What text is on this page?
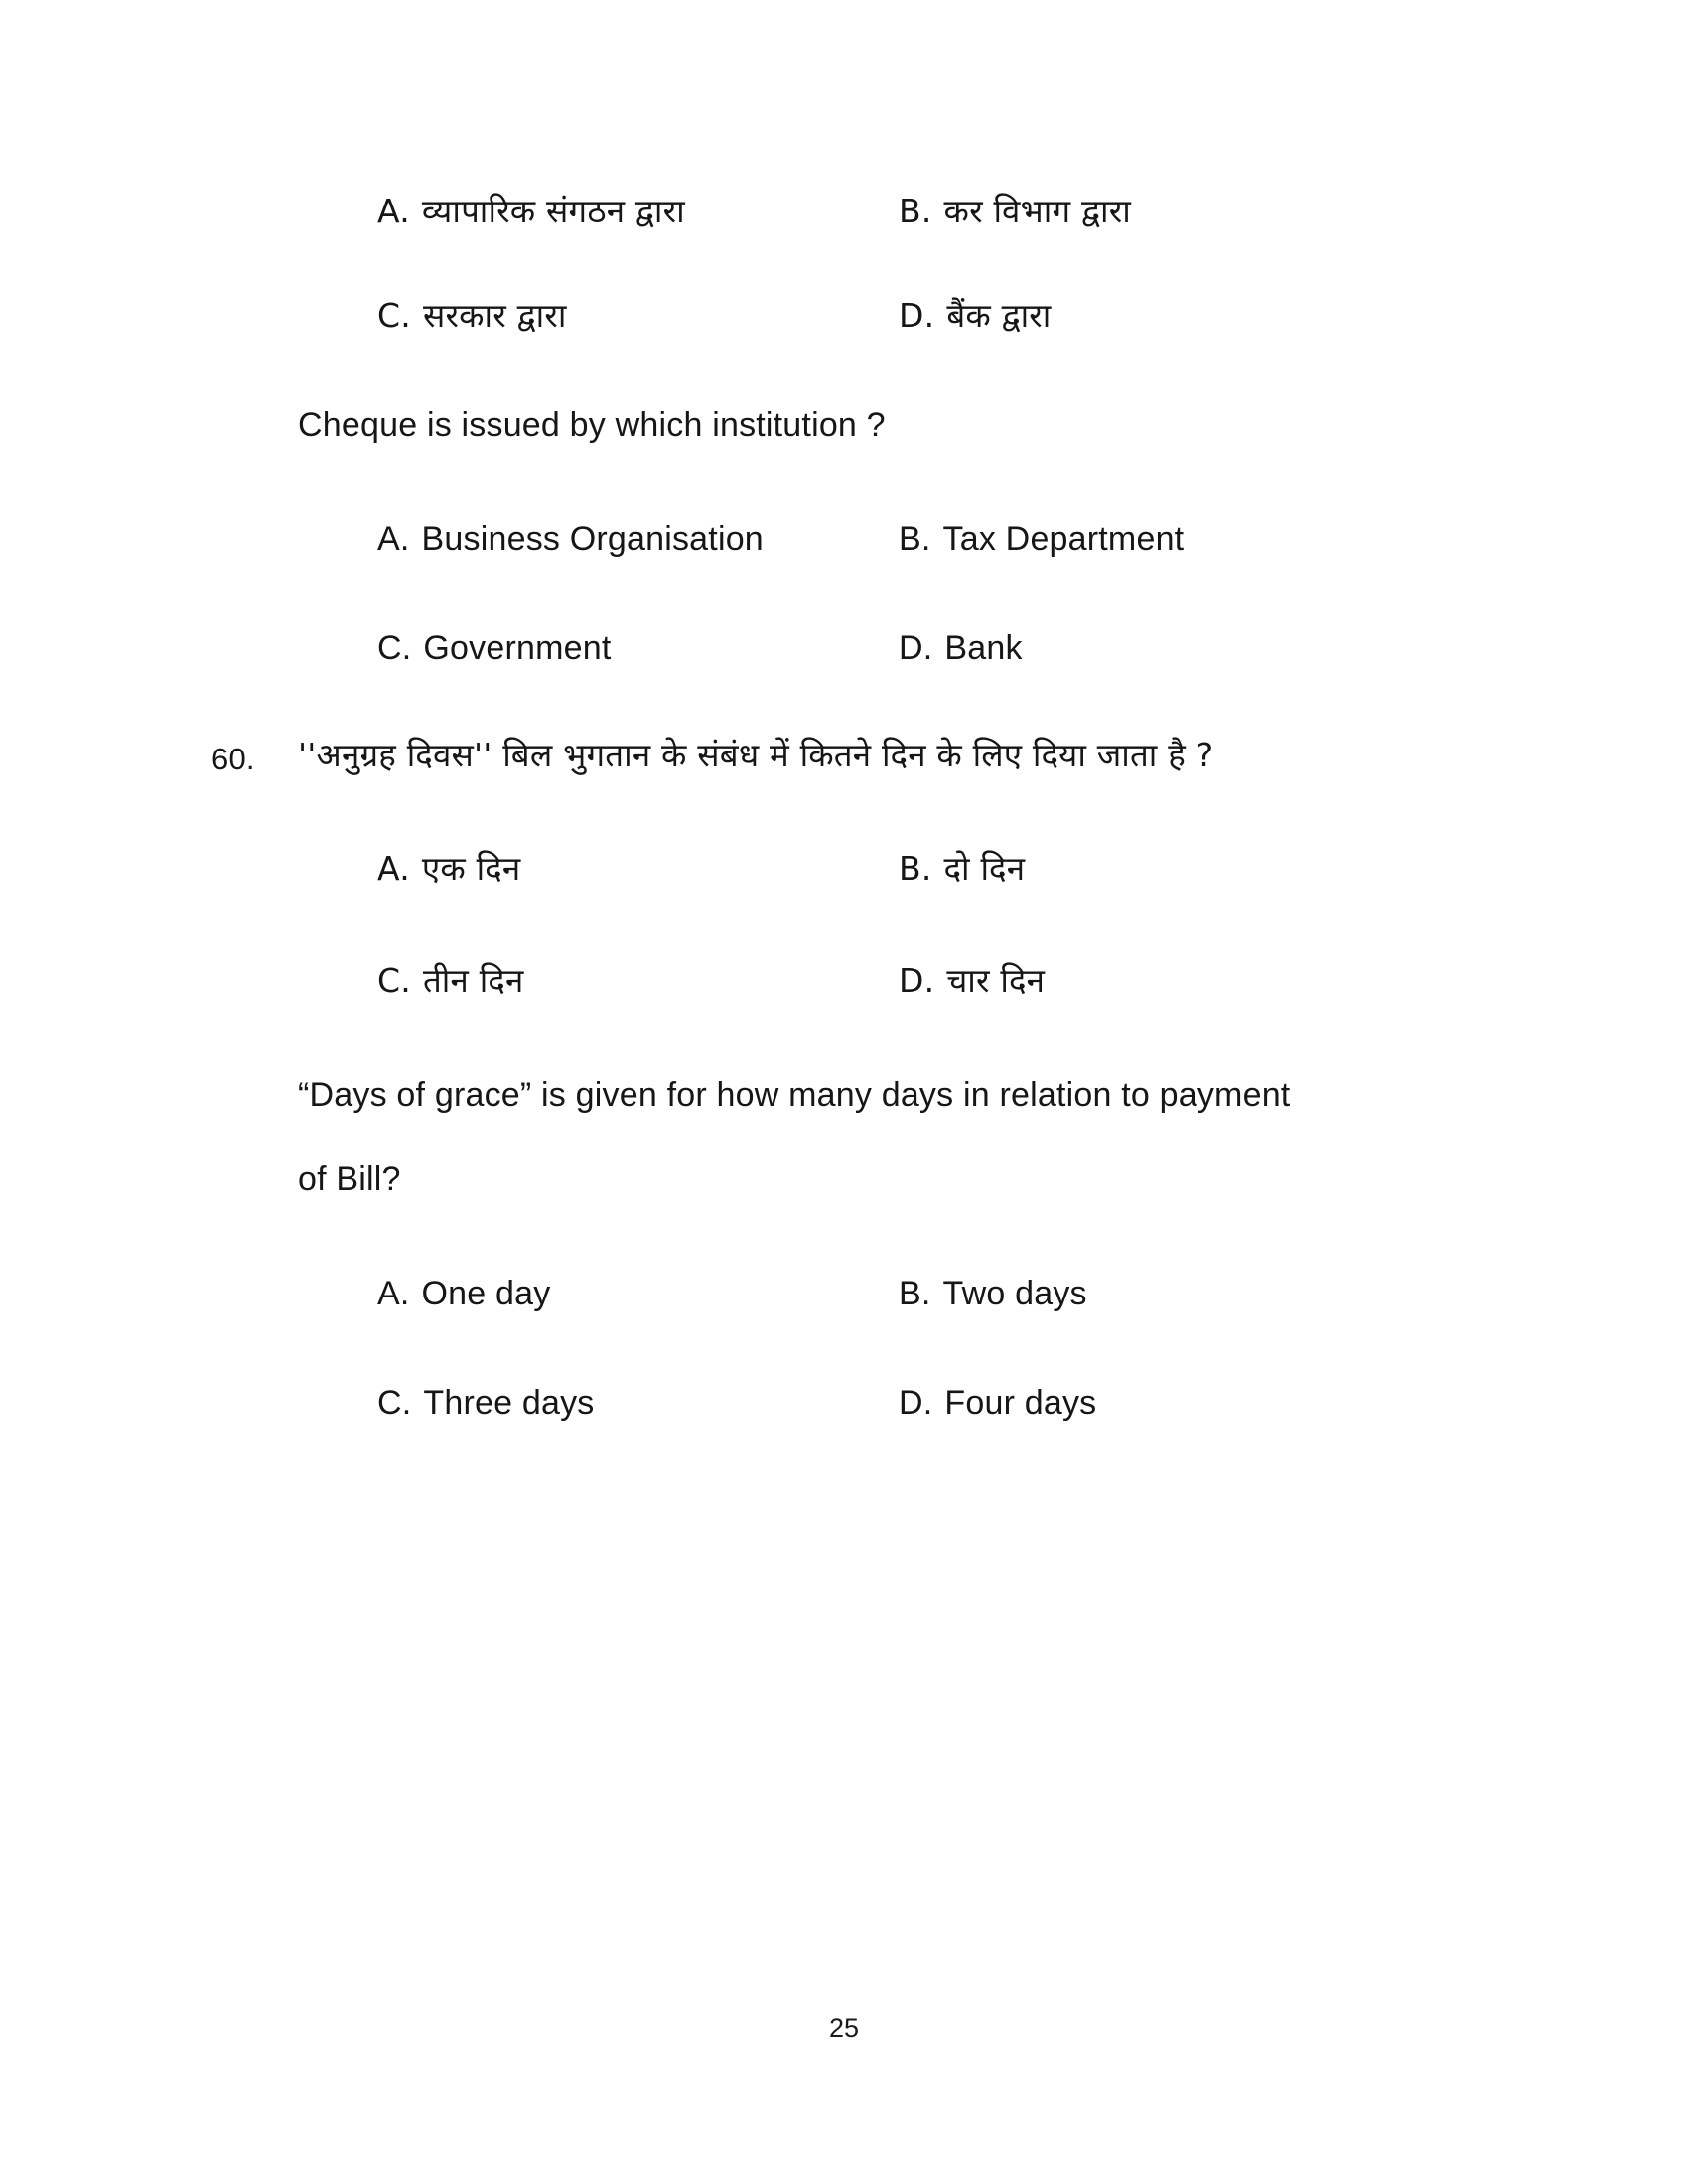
A. व्यापारिक संगठन द्वारा	B. कर विभाग द्वारा
C. सरकार द्वारा	D. बैंक द्वारा
Cheque is issued by which institution ?
A. Business Organisation	B. Tax Department
C. Government	D. Bank
60. ''अनुग्रह दिवस'' बिल भुगतान के संबंध में कितने दिन के लिए दिया जाता है ?
A. एक दिन	B. दो दिन
C. तीन दिन	D. चार दिन
“Days of grace” is given for how many days in relation to payment
of Bill?
A. One day	B. Two days
C. Three days	D. Four days
25
